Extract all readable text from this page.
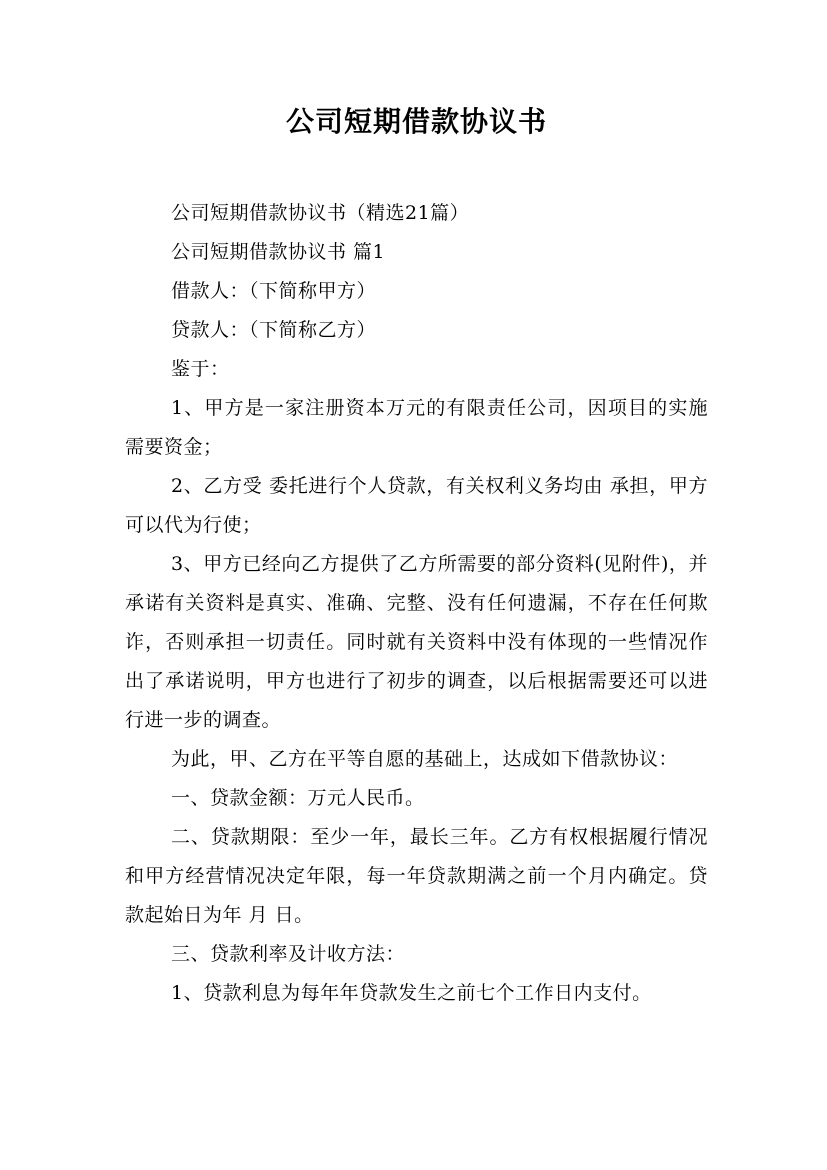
公司短期借款协议书

公司短期借款协议书（精选21篇）

公司短期借款协议书 篇1

借款人：（下简称甲方）

贷款人：（下简称乙方）

鉴于：

1、甲方是一家注册资本万元的有限责任公司，因项目的实施需要资金；

2、乙方受 委托进行个人贷款，有关权利义务均由 承担，甲方可以代为行使；

3、甲方已经向乙方提供了乙方所需要的部分资料(见附件)，并承诺有关资料是真实、准确、完整、没有任何遗漏，不存在任何欺诈，否则承担一切责任。同时就有关资料中没有体现的一些情况作出了承诺说明，甲方也进行了初步的调查，以后根据需要还可以进行进一步的调查。

为此，甲、乙方在平等自愿的基础上，达成如下借款协议：

一、贷款金额：万元人民币。

二、贷款期限：至少一年，最长三年。乙方有权根据履行情况和甲方经营情况决定年限，每一年贷款期满之前一个月内确定。贷款起始日为年 月 日。

三、贷款利率及计收方法：

1、贷款利息为每年年贷款发生之前七个工作日内支付。
